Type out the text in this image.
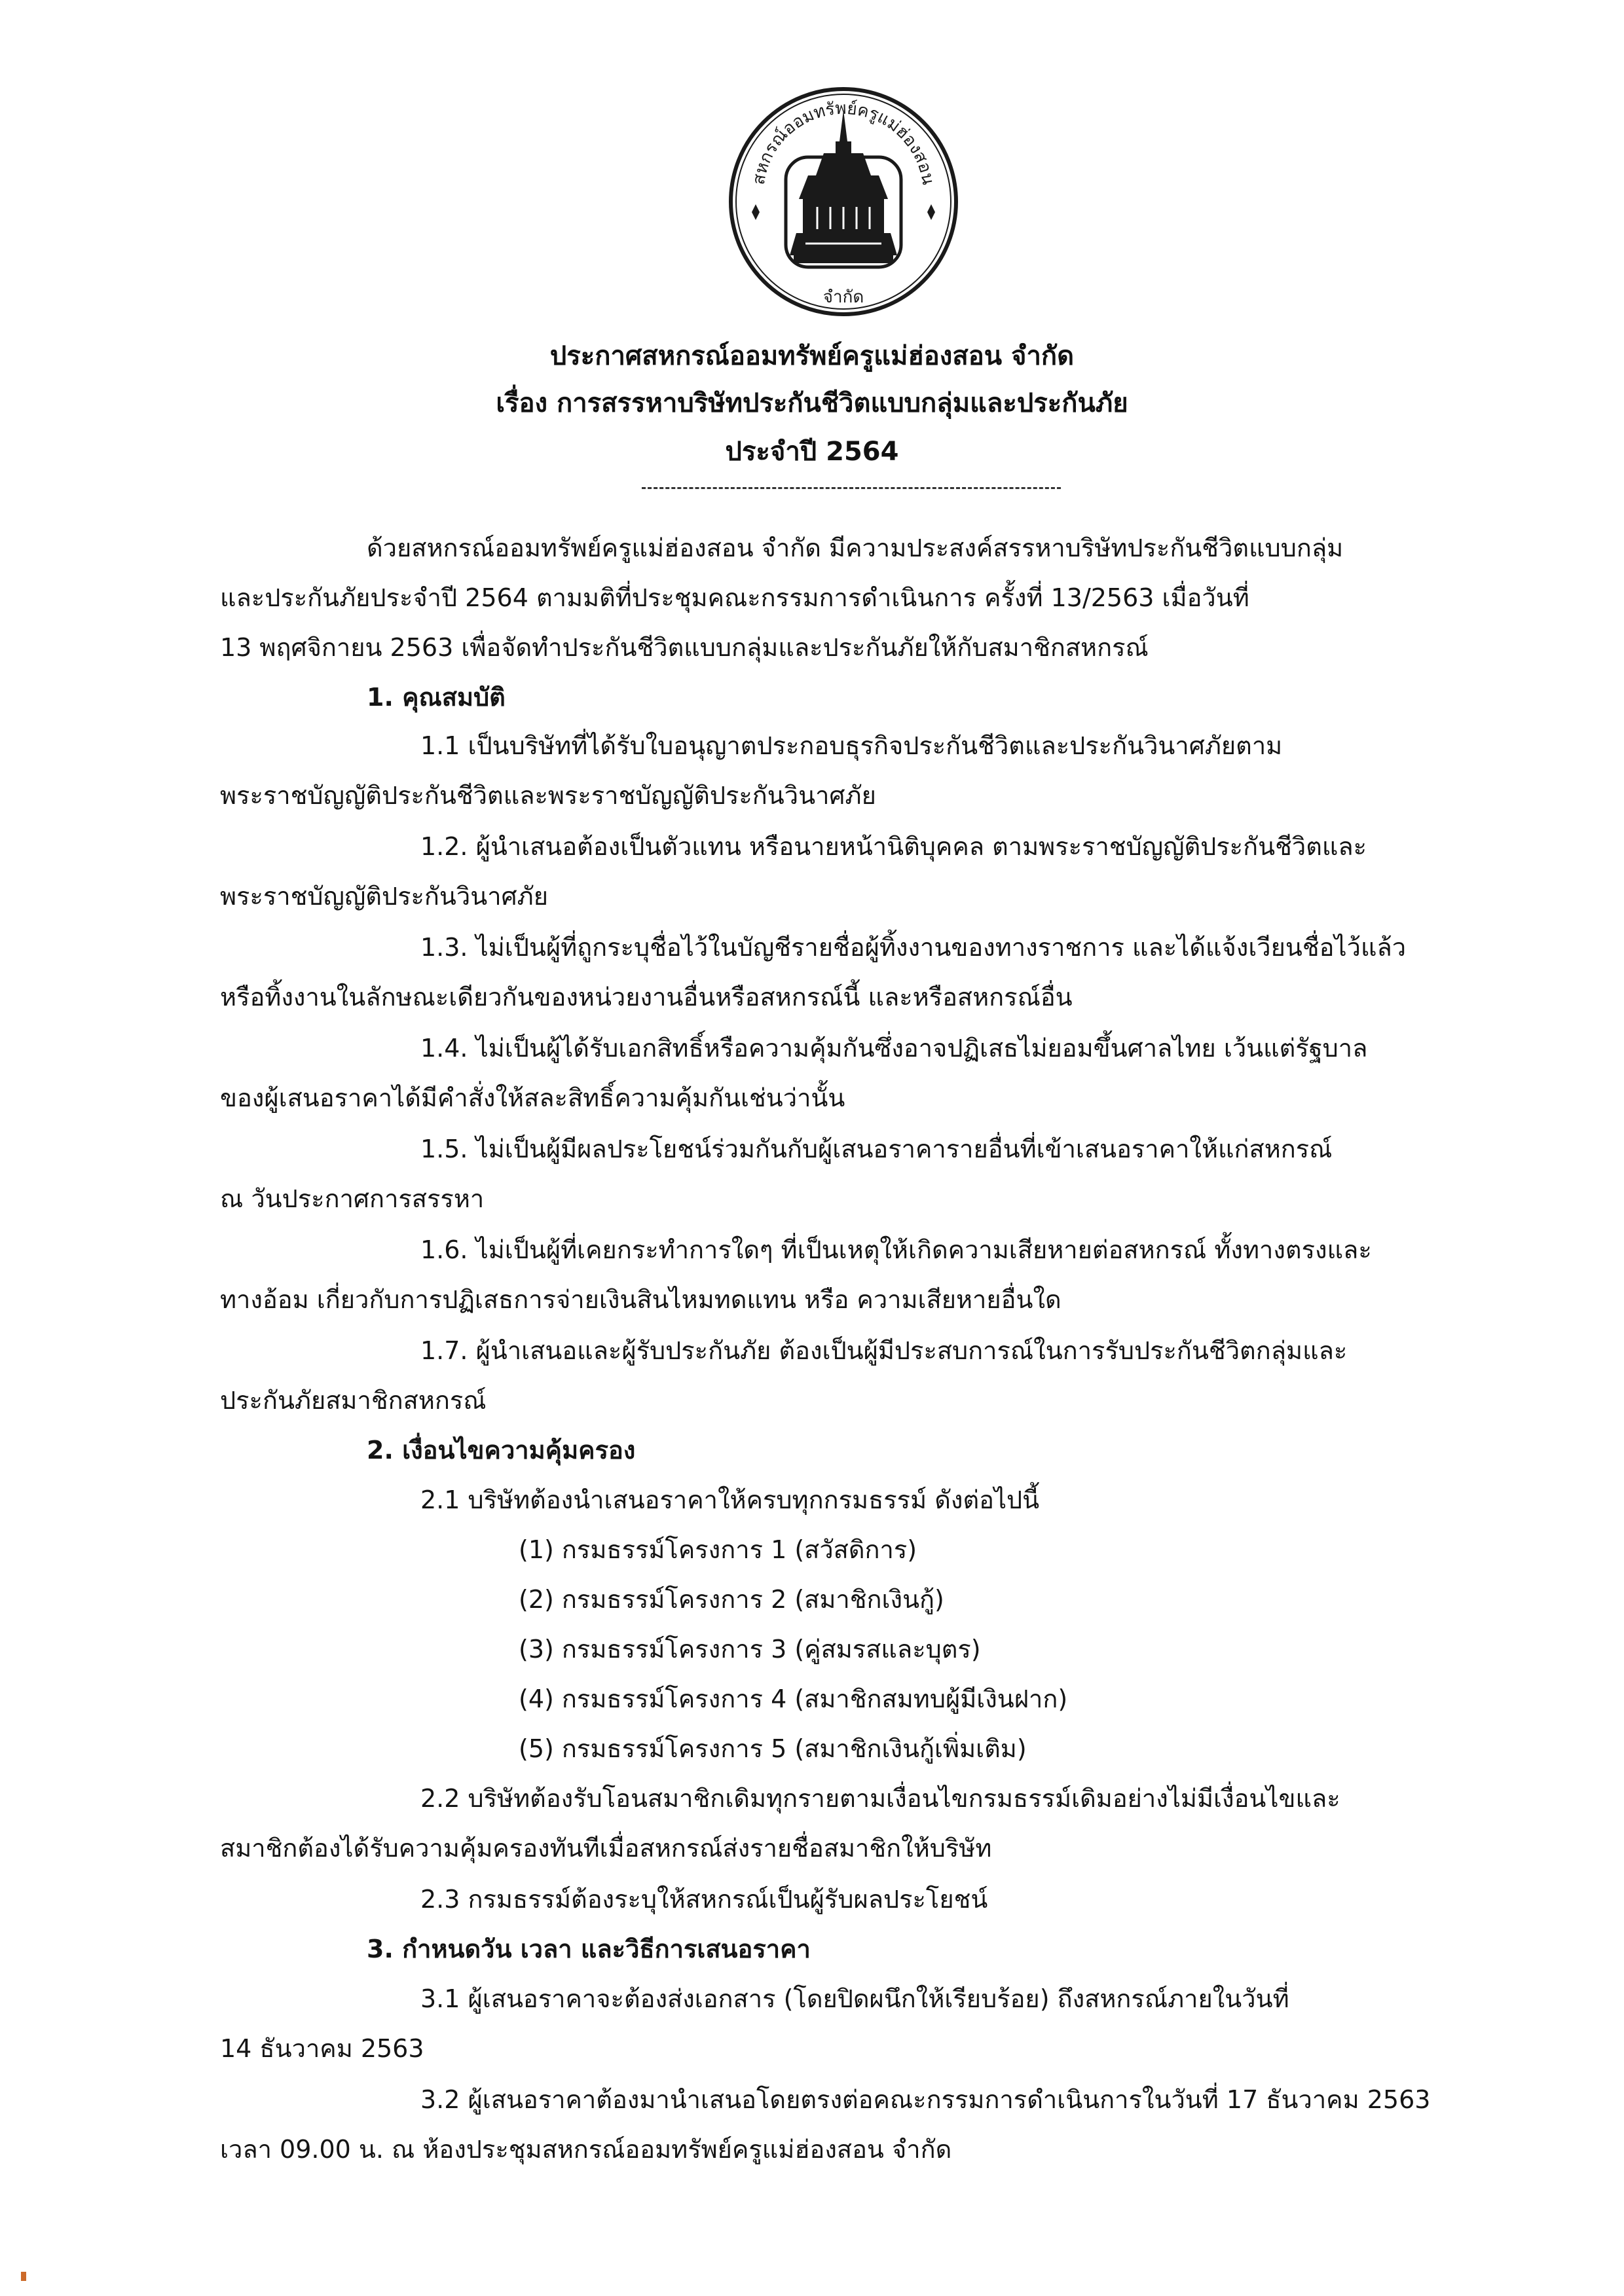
สหกรณ์ออมทรัพย์ครูแม่ฮ่องสอน
จำกัด
ประกาศสหกรณ์ออมทรัพย์ครูแม่ฮ่องสอน จำกัด
เรื่อง การสรรหาบริษัทประกันชีวิตแบบกลุ่มและประกันภัย
ประจำปี 2564
ด้วยสหกรณ์ออมทรัพย์ครูแม่ฮ่องสอน จำกัด มีความประสงค์สรรหาบริษัทประกันชีวิตแบบกลุ่ม
และประกันภัยประจำปี 2564 ตามมติที่ประชุมคณะกรรมการดำเนินการ ครั้งที่ 13/2563 เมื่อวันที่
13 พฤศจิกายน 2563 เพื่อจัดทำประกันชีวิตแบบกลุ่มและประกันภัยให้กับสมาชิกสหกรณ์
1. คุณสมบัติ
1.1 เป็นบริษัทที่ได้รับใบอนุญาตประกอบธุรกิจประกันชีวิตและประกันวินาศภัยตาม
พระราชบัญญัติประกันชีวิตและพระราชบัญญัติประกันวินาศภัย
1.2. ผู้นำเสนอต้องเป็นตัวแทน หรือนายหน้านิติบุคคล ตามพระราชบัญญัติประกันชีวิตและ
พระราชบัญญัติประกันวินาศภัย
1.3. ไม่เป็นผู้ที่ถูกระบุชื่อไว้ในบัญชีรายชื่อผู้ทิ้งงานของทางราชการ และได้แจ้งเวียนชื่อไว้แล้ว
หรือทิ้งงานในลักษณะเดียวกันของหน่วยงานอื่นหรือสหกรณ์นี้ และหรือสหกรณ์อื่น
1.4. ไม่เป็นผู้ได้รับเอกสิทธิ์หรือความคุ้มกันซึ่งอาจปฏิเสธไม่ยอมขึ้นศาลไทย เว้นแต่รัฐบาล
ของผู้เสนอราคาได้มีคำสั่งให้สละสิทธิ์ความคุ้มกันเช่นว่านั้น
1.5. ไม่เป็นผู้มีผลประโยชน์ร่วมกันกับผู้เสนอราคารายอื่นที่เข้าเสนอราคาให้แก่สหกรณ์
ณ วันประกาศการสรรหา
1.6. ไม่เป็นผู้ที่เคยกระทำการใดๆ ที่เป็นเหตุให้เกิดความเสียหายต่อสหกรณ์ ทั้งทางตรงและ
ทางอ้อม เกี่ยวกับการปฏิเสธการจ่ายเงินสินไหมทดแทน หรือ ความเสียหายอื่นใด
1.7. ผู้นำเสนอและผู้รับประกันภัย ต้องเป็นผู้มีประสบการณ์ในการรับประกันชีวิตกลุ่มและ
ประกันภัยสมาชิกสหกรณ์
2. เงื่อนไขความคุ้มครอง
2.1 บริษัทต้องนำเสนอราคาให้ครบทุกกรมธรรม์ ดังต่อไปนี้
(1) กรมธรรม์โครงการ 1 (สวัสดิการ)
(2) กรมธรรม์โครงการ 2 (สมาชิกเงินกู้)
(3) กรมธรรม์โครงการ 3 (คู่สมรสและบุตร)
(4) กรมธรรม์โครงการ 4 (สมาชิกสมทบผู้มีเงินฝาก)
(5) กรมธรรม์โครงการ 5 (สมาชิกเงินกู้เพิ่มเติม)
2.2 บริษัทต้องรับโอนสมาชิกเดิมทุกรายตามเงื่อนไขกรมธรรม์เดิมอย่างไม่มีเงื่อนไขและ
สมาชิกต้องได้รับความคุ้มครองทันทีเมื่อสหกรณ์ส่งรายชื่อสมาชิกให้บริษัท
2.3 กรมธรรม์ต้องระบุให้สหกรณ์เป็นผู้รับผลประโยชน์
3. กำหนดวัน เวลา และวิธีการเสนอราคา
3.1 ผู้เสนอราคาจะต้องส่งเอกสาร (โดยปิดผนึกให้เรียบร้อย) ถึงสหกรณ์ภายในวันที่
14 ธันวาคม 2563
3.2 ผู้เสนอราคาต้องมานำเสนอโดยตรงต่อคณะกรรมการดำเนินการในวันที่ 17 ธันวาคม 2563
เวลา 09.00 น. ณ ห้องประชุมสหกรณ์ออมทรัพย์ครูแม่ฮ่องสอน จำกัด
